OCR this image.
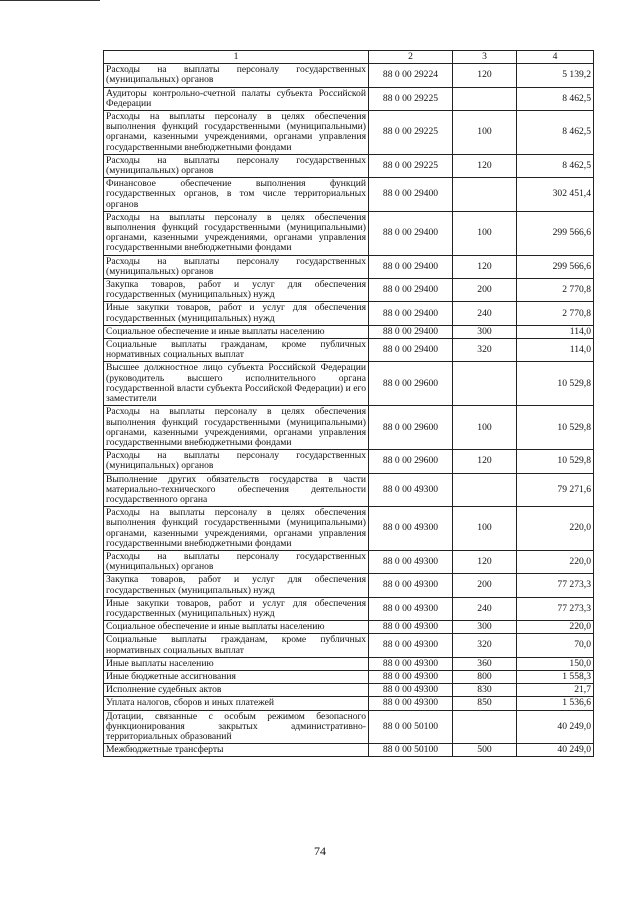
1	2	3	4
Расходы на выплаты персоналу государственных (муниципальных) органов	88 0 00 29224	120	5 139,2
Аудиторы контрольно-счетной палаты субъекта Российской Федерации	88 0 00 29225		8 462,5
Расходы на выплаты персоналу в целях обеспечения выполнения функций государственными (муниципальными) органами, казенными учреждениями, органами управления государственными внебюджетными фондами	88 0 00 29225	100	8 462,5
Расходы на выплаты персоналу государственных (муниципальных) органов	88 0 00 29225	120	8 462,5
Финансовое обеспечение выполнения функций государственных органов, в том числе территориальных органов	88 0 00 29400		302 451,4
Расходы на выплаты персоналу в целях обеспечения выполнения функций государственными (муниципальными) органами, казенными учреждениями, органами управления государственными внебюджетными фондами	88 0 00 29400	100	299 566,6
Расходы на выплаты персоналу государственных (муниципальных) органов	88 0 00 29400	120	299 566,6
Закупка товаров, работ и услуг для обеспечения государственных (муниципальных) нужд	88 0 00 29400	200	2 770,8
Иные закупки товаров, работ и услуг для обеспечения государственных (муниципальных) нужд	88 0 00 29400	240	2 770,8
Социальное обеспечение и иные выплаты населению	88 0 00 29400	300	114,0
Социальные выплаты гражданам, кроме публичных нормативных социальных выплат	88 0 00 29400	320	114,0
Высшее должностное лицо субъекта Российской Федерации (руководитель высшего исполнительного органа государственной власти субъекта Российской Федерации) и его заместители	88 0 00 29600		10 529,8
Расходы на выплаты персоналу в целях обеспечения выполнения функций государственными (муниципальными) органами, казенными учреждениями, органами управления государственными внебюджетными фондами	88 0 00 29600	100	10 529,8
Расходы на выплаты персоналу государственных (муниципальных) органов	88 0 00 29600	120	10 529,8
Выполнение других обязательств государства в части материально-технического обеспечения деятельности государственного органа	88 0 00 49300		79 271,6
Расходы на выплаты персоналу в целях обеспечения выполнения функций государственными (муниципальными) органами, казенными учреждениями, органами управления государственными внебюджетными фондами	88 0 00 49300	100	220,0
Расходы на выплаты персоналу государственных (муниципальных) органов	88 0 00 49300	120	220,0
Закупка товаров, работ и услуг для обеспечения государственных (муниципальных) нужд	88 0 00 49300	200	77 273,3
Иные закупки товаров, работ и услуг для обеспечения государственных (муниципальных) нужд	88 0 00 49300	240	77 273,3
Социальное обеспечение и иные выплаты населению	88 0 00 49300	300	220,0
Социальные выплаты гражданам, кроме публичных нормативных социальных выплат	88 0 00 49300	320	70,0
Иные выплаты населению	88 0 00 49300	360	150,0
Иные бюджетные ассигнования	88 0 00 49300	800	1 558,3
Исполнение судебных актов	88 0 00 49300	830	21,7
Уплата налогов, сборов и иных платежей	88 0 00 49300	850	1 536,6
Дотации, связанные с особым режимом безопасного функционирования закрытых административно-территориальных образований	88 0 00 50100		40 249,0
Межбюджетные трансферты	88 0 00 50100	500	40 249,0
74
